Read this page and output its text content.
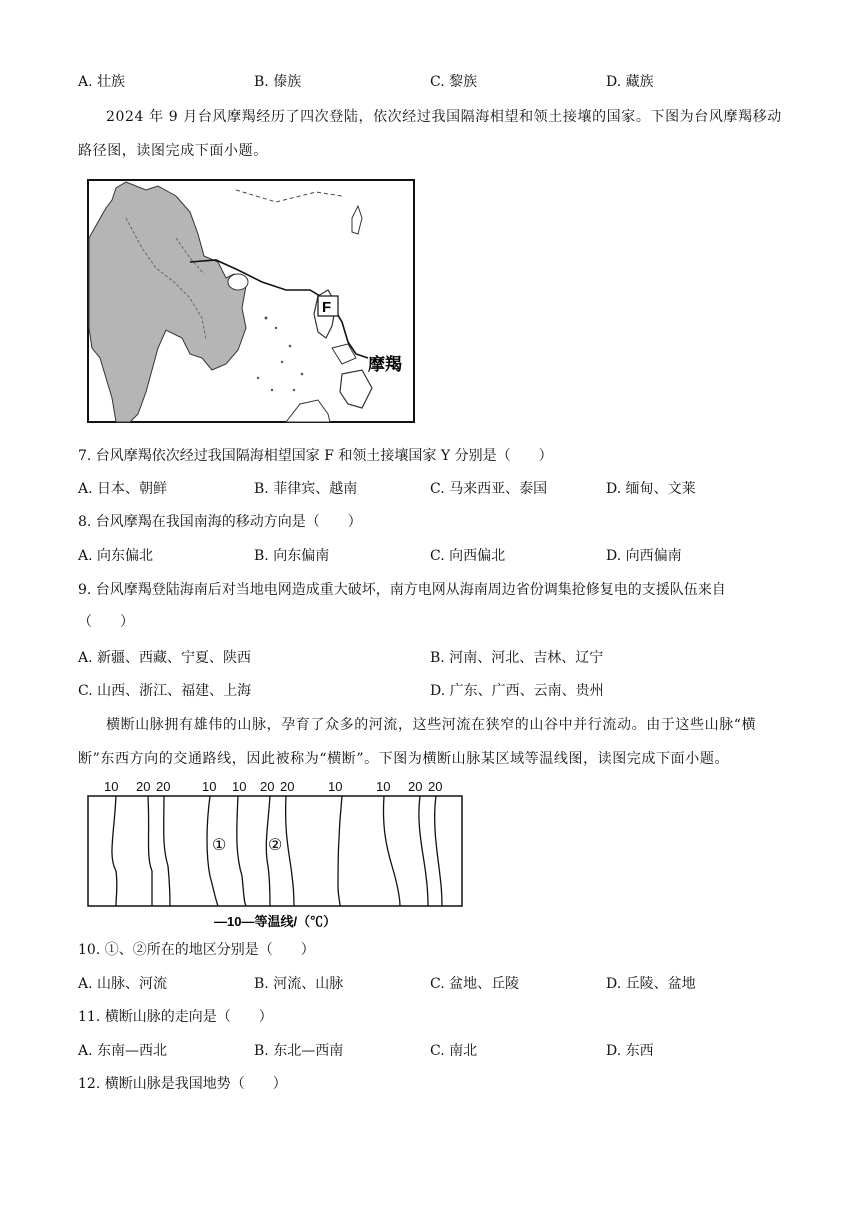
A. 壮族	B. 傣族	C. 黎族	D. 藏族
2024 年 9 月台风摩羯经历了四次登陆，依次经过我国隔海相望和领土接壤的国家。下图为台风摩羯移动路径图，读图完成下面小题。
F
摩羯
7. 台风摩羯依次经过我国隔海相望国家 F 和领土接壤国家 Y 分别是（　　）
A. 日本、朝鲜	B. 菲律宾、越南	C. 马来西亚、泰国	D. 缅甸、文莱
8. 台风摩羯在我国南海的移动方向是（　　）
A. 向东偏北	B. 向东偏南	C. 向西偏北	D. 向西偏南
9. 台风摩羯登陆海南后对当地电网造成重大破坏，南方电网从海南周边省份调集抢修复电的支援队伍来自
（　　）
A. 新疆、西藏、宁夏、陕西	B. 河南、河北、吉林、辽宁
C. 山西、浙江、福建、上海	D. 广东、广西、云南、贵州
横断山脉拥有雄伟的山脉，孕育了众多的河流，这些河流在狭窄的山谷中并行流动。由于这些山脉“横断”东西方向的交通路线，因此被称为“横断”。下图为横断山脉某区域等温线图，读图完成下面小题。
10 20 20 10 10 20 20	10	10 20 20
①	②
—10—等温线/（℃）
10. ①、②所在的地区分别是（　　）
A. 山脉、河流	B. 河流、山脉	C. 盆地、丘陵	D. 丘陵、盆地
11. 横断山脉的走向是（　　）
A. 东南—西北	B. 东北—西南	C. 南北	D. 东西
12. 横断山脉是我国地势（　　）
